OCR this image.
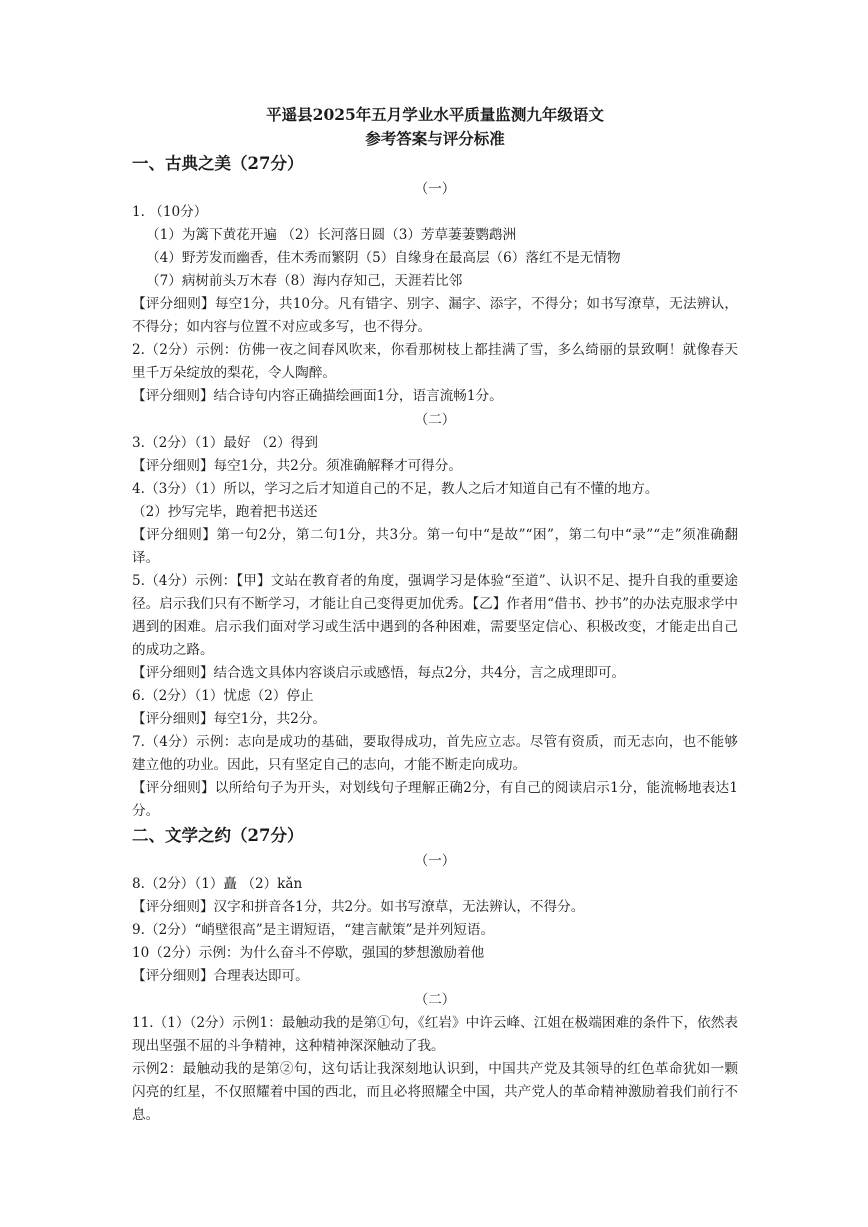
平遥县2025年五月学业水平质量监测九年级语文

参考答案与评分标准

一、古典之美（27分）

（一）

1. （10分）

（1）为篱下黄花开遍 （2）长河落日圆（3）芳草萋萋鹦鹉洲

（4）野芳发而幽香，佳木秀而繁阴（5）自缘身在最高层（6）落红不是无情物

（7）病树前头万木春（8）海内存知己，天涯若比邻

【评分细则】每空1分，共10分。凡有错字、别字、漏字、添字，不得分；如书写潦草，无法辨认，不得分；如内容与位置不对应或多写，也不得分。

2.（2分）示例：仿佛一夜之间春风吹来，你看那树枝上都挂满了雪，多么绮丽的景致啊！就像春天里千万朵绽放的梨花，令人陶醉。

【评分细则】结合诗句内容正确描绘画面1分，语言流畅1分。

（二）

3.（2分）（1）最好 （2）得到

【评分细则】每空1分，共2分。须准确解释才可得分。

4.（3分）（1）所以，学习之后才知道自己的不足，教人之后才知道自己有不懂的地方。

（2）抄写完毕，跑着把书送还

【评分细则】第一句2分，第二句1分，共3分。第一句中“是故”“困”，第二句中“录”“走”须准确翻译。

5.（4分）示例：【甲】文站在教育者的角度，强调学习是体验“至道”、认识不足、提升自我的重要途径。启示我们只有不断学习，才能让自己变得更加优秀。【乙】作者用“借书、抄书”的办法克服求学中遇到的困难。启示我们面对学习或生活中遇到的各种困难，需要坚定信心、积极改变，才能走出自己的成功之路。

【评分细则】结合选文具体内容谈启示或感悟，每点2分，共4分，言之成理即可。

6.（2分）（1）忧虑（2）停止

【评分细则】每空1分，共2分。

7.（4分）示例：志向是成功的基础，要取得成功，首先应立志。尽管有资质，而无志向，也不能够建立他的功业。因此，只有坚定自己的志向，才能不断走向成功。

【评分细则】以所给句子为开头，对划线句子理解正确2分，有自己的阅读启示1分，能流畅地表达1分。

二、文学之约（27分）

（一）

8.（2分）（1）矗 （2）kǎn

【评分细则】汉字和拼音各1分，共2分。如书写潦草，无法辨认，不得分。

9.（2分）“峭壁很高”是主谓短语，“建言献策”是并列短语。

10（2分）示例：为什么奋斗不停歇，强国的梦想激励着他

【评分细则】合理表达即可。

（二）

11.（1）（2分）示例1：最触动我的是第①句，《红岩》中许云峰、江姐在极端困难的条件下，依然表现出坚强不屈的斗争精神，这种精神深深触动了我。

示例2：最触动我的是第②句，这句话让我深刻地认识到，中国共产党及其领导的红色革命犹如一颗闪亮的红星，不仅照耀着中国的西北，而且必将照耀全中国，共产党人的革命精神激励着我们前行不息。
